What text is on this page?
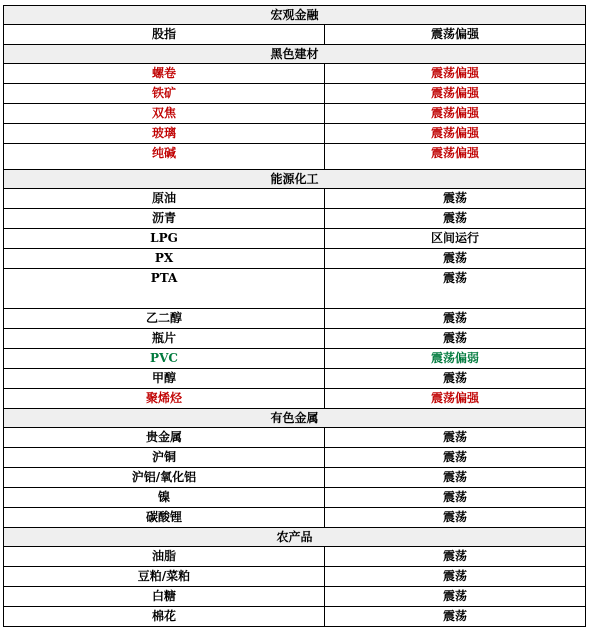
宏观金融	
股指	震荡偏强
黑色建材	
螺卷	震荡偏强
铁矿	震荡偏强
双焦	震荡偏强
玻璃	震荡偏强
纯碱	震荡偏强
能源化工	
原油	震荡
沥青	震荡
LPG	区间运行
PX	震荡
PTA	震荡
乙二醇	震荡
瓶片	震荡
PVC	震荡偏弱
甲醇	震荡
聚烯烃	震荡偏强
有色金属	
贵金属	震荡
沪铜	震荡
沪铝/氧化铝	震荡
镍	震荡
碳酸锂	震荡
农产品	
油脂	震荡
豆粕/菜粕	震荡
白糖	震荡
棉花	震荡
